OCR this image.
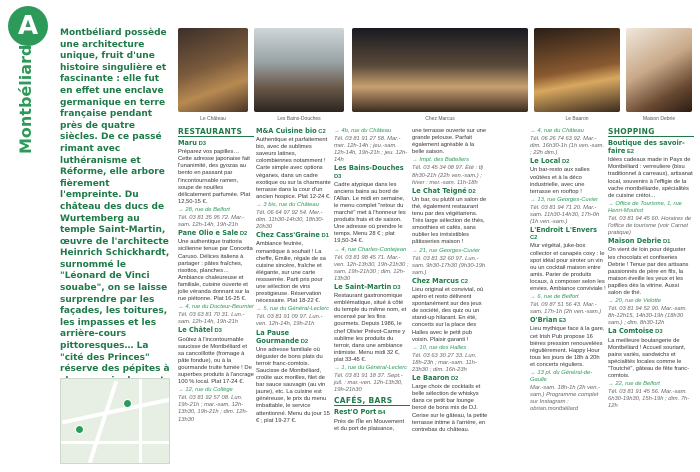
A
Montbéliard
Montbéliard possède une architecture unique, fruit d'une histoire singulière et fascinante : elle fut en effet une enclave germanique en terre française pendant près de quatre siècles. De ce passé rimant avec luthéranisme et Réforme, elle arbore fièrement l'empreinte. Du château des ducs de Wurtemberg au temple Saint-Martin, œuvre de l'architecte Heinrich Schickhardt, surnommé le "Léonard de Vinci souabe", on se laisse surprendre par les façades, les toitures, les impasses et les arrière-cours pittoresques… La "cité des Princes" réserve des pépites à
Le Château	Les Bains-Douches	Chez Marcus	Le Baaron	Maison Debrie
RESTAURANTS

Maru D3

Préparez vos papilles… Cette adresse japonaise fait l'unanimité, des gyozas au bento en passant par l'incontournable ramen, soupe de nouilles délicatement parfumée. Plat 12,50-15 €.

→ 28, rue de Belfort

Tél. 03 81 35 95 72. Mar.-sam. 12h-14h, 19h-21h

Pane Olio e Sale D2

Une authentique trattoria sicilienne tenue par Concetta Caruso. Délices italiens à partager : pâtes fraîches, risottos, planches… Ambiance chaleureuse et familiale, cuisine ouverte et jolie véranda donnant sur la rue piétonne. Plat 16-25 €.

→ 4, rue du Docteur-Beurnier

Tél. 03 63 81 70 31. Lun.-sam. 12h-14h, 19h-21h

Le Châtel D3

Goûtez à l'incontournable saucisse de Montbéliard et sa cancoillotte (fromage à pâte fondue), ou à la gourmande truite fumée ! De superbes produits à l'ancrage 100 % local. Plat 17-24 €.

→ 12, rue du Collège

Tél. 03 81 92 57 08. Lun. 19h-21h ; mar.-sam. 12h-13h30, 19h-21h ; dim. 12h-13h30

M&A Cuisine bio C2

Authentique et parfaitement bio, avec de sublimes saveurs latines, colombiennes notamment ! Carte simple avec options véganes, dans un cadre exotique ou sur la charmante terrasse dans la cour d'un ancien hospice. Plat 12-24 €.

→ 3 bis, rue du Château

Tél. 06 64 97 92 54. Mer.-dim. 11h30-14h30, 18h30-20h30

Chez Cass'Graine D1

Ambiance feutrée, romantique à souhait ! La cheffe, Émilie, régale de sa cuisine sincère, fraîche et élégante, sur une carte ressserrée. Parti pris pour une sélection de vins prestigieuse. Réservation nécessaire. Plat 18-22 €.

→ 5, rue du Général-Leclerc

Tél. 03 81 91 09 97. Lun.-ven. 12h-14h, 19h-21h

La Pause Gourmande D2

Une adresse familiale où déguster de bons plats du terroir franc-comtois. Saucisse de Montbéliard, croûte aux morilles, filet de bar sauce sauvagin (au vin jaune), etc. La cuisine est généreuse, le prix du menu imbattable, le service attentionné. Menu du jour 15 € ; plat 19-27 €.

→ 4b, rue du Château

Tél. 03 81 91 27 58. Mar.-mer. 12h-14h ; jeu.-sam. 12h-14h, 19h-21h ; jeu. 12h-14h

Les Bains-Douches D3

Cadre atypique dans les anciens bains au bord de l'Allan. Le midi en semaine, le menu complet "retour du marché" met à l'honneur les produits frais et de saison. Une adresse où prendre le temps. Menu 28 € ; plat 19,50-34 €.

→ 4, rue Charles-Contejean

Tél. 03 81 98 45 71. Mar.-ven. 12h-13h30, 19h-21h30 ; sam. 19h-21h30 ; dim. 12h-13h30

Le Saint-Martin D3

Restaurant gastronomique emblématique, situé à côté du temple du même nom, et encensé par les fins gourmets. Depuis 1986, le chef Olivier Prévot-Carme y sublime les produits du terroir, dans une ambiance intimiste. Menu midi 32 €, plat 33-45 €.

→ 1, rue du Général-Leclerc

Tél. 03 81 91 18 37. Sept.-juil. : mar.-ven. 12h-13h30, 19h-21h30

CAFÉS, BARS

Rest'O Port B4

Près de l'Île en Mouvement et du port de plaisance,

une terrasse ouverte sur une grande pelouse. Parfait également agréable à la belle saison.

→ Impt. des Batteliers

Tél. 03 45 34 08 97. Été : tlj 8h30-21h (22h ven.-sam.) ; hiver : mer.-sam. 11h-18h

Le Chat Teigné D2

Un bar, ou plutôt un salon de thé, également restaurant tenu par des végétariens. Très large sélection de thés, smoothies et cafés, sans oublier les irrésistibles pâtisseries maison !

→ 21, rue Georges-Cuvier

Tél. 03 81 32 60 97. Lun.-sam. 9h30-17h30 (9h30-19h sam.)

Chez Marcus C2

Lieu original et convivial, où apéro et resto délivrent spontanément sur des jeux de société, des quiz ou un stand-up hilarant. En été, concerts sur la place des Halles avec le petit pub voisin. Plaisir garanti !

→ 10, rue des Halles

Tél. 03 63 30 27 33. Lun. 18h-23h ; mar.-sam. 11h-23h30 ; dim. 16h-23h

Le Baaron D2

Large choix de cocktails et belle sélection de whiskys dans ce petit bar lounge bercé de bons mix de DJ. Cerise sur le gâteau, la petite terrasse intime à l'arrière, en contrebas du château.

→ 4, rue du Château

Tél. 06 26 74 63 92. Mar.-dim. 16h30-1h (1h ven.-sam. ; 22h dim.)

Le Local D2

Un bar-resto aux salles voûtées et à la déco industrielle, avec une terrasse en rooftop !

→ 13, rue Georges-Cuvier

Tél. 03 81 94 71 20. Mar.-sam. 11h30-14h30, 17h-0h (1h ven.-sam.)

L'Endroit L'Envers C2

Mur végétal, juke-box collector et canapés cosy : le spot idéal pour siroter un vin ou un cocktail maison entre amis. Parier de produits locaux, à composer selon les envies. Ambiance conviviale !

→ 6, rue de Belfort

Tél. 09 87 51 56 43. Mar.-sam. 17h-1h (2h ven.-sam.)

O'Brian E3

Lieu mythique face à la gare, cet Irish Pub propose 16 bières pression renouvelées régulièrement. Happy Hour tous les jours de 18h à 20h et concerts réguliers.

→ 13 pl. du Général-de-Gaulle

Mar.-sam. 18h-1h (2h ven.-sam.) Programme complet sur Instagram : obrian.montbéliard

SHOPPING

Boutique des savoir-faire E2

Idées cadeaux made in Pays de Montbéliard : verreuliere (bisu traditionnel à carreaux), artisanat local, souvenirs à l'effigie de la vache montbéliarde, spécialités de cuisine crétoi…

→ Office de Tourisme, 1, rue Henri-Mouhot

Tél. 03 81 94 45 60. Horaires de l'office de tourisme (voir Carnet pratique)

Maison Debrie D1

On vient de loin pour déguster les chocolats et confiseries Debrie ! Tenue par des artisans passionnés de père en fils, la maison éveille les yeux et les papilles dès la vitrine. Aussi salon de thé.

→ 20, rue de Velotte

Tél. 03 81 94 52 90. Mar.-sam. 8h-12h15, 14h30-19h (18h30 sam.) ; dim. 8h30-12h

La Comtoise D3

La meilleure boulangerie de Montbéliard ! Accueil souriant, pains variés, sandwichs et spécialités locales comme le "Toutché", gâteau de fête franc-comtois.

→ 22, rue de Belfort

Tél. 03 81 91 45 56. Mar.-sam. 6h30-19h30, 15h-19h ; dim. 7h-12h
